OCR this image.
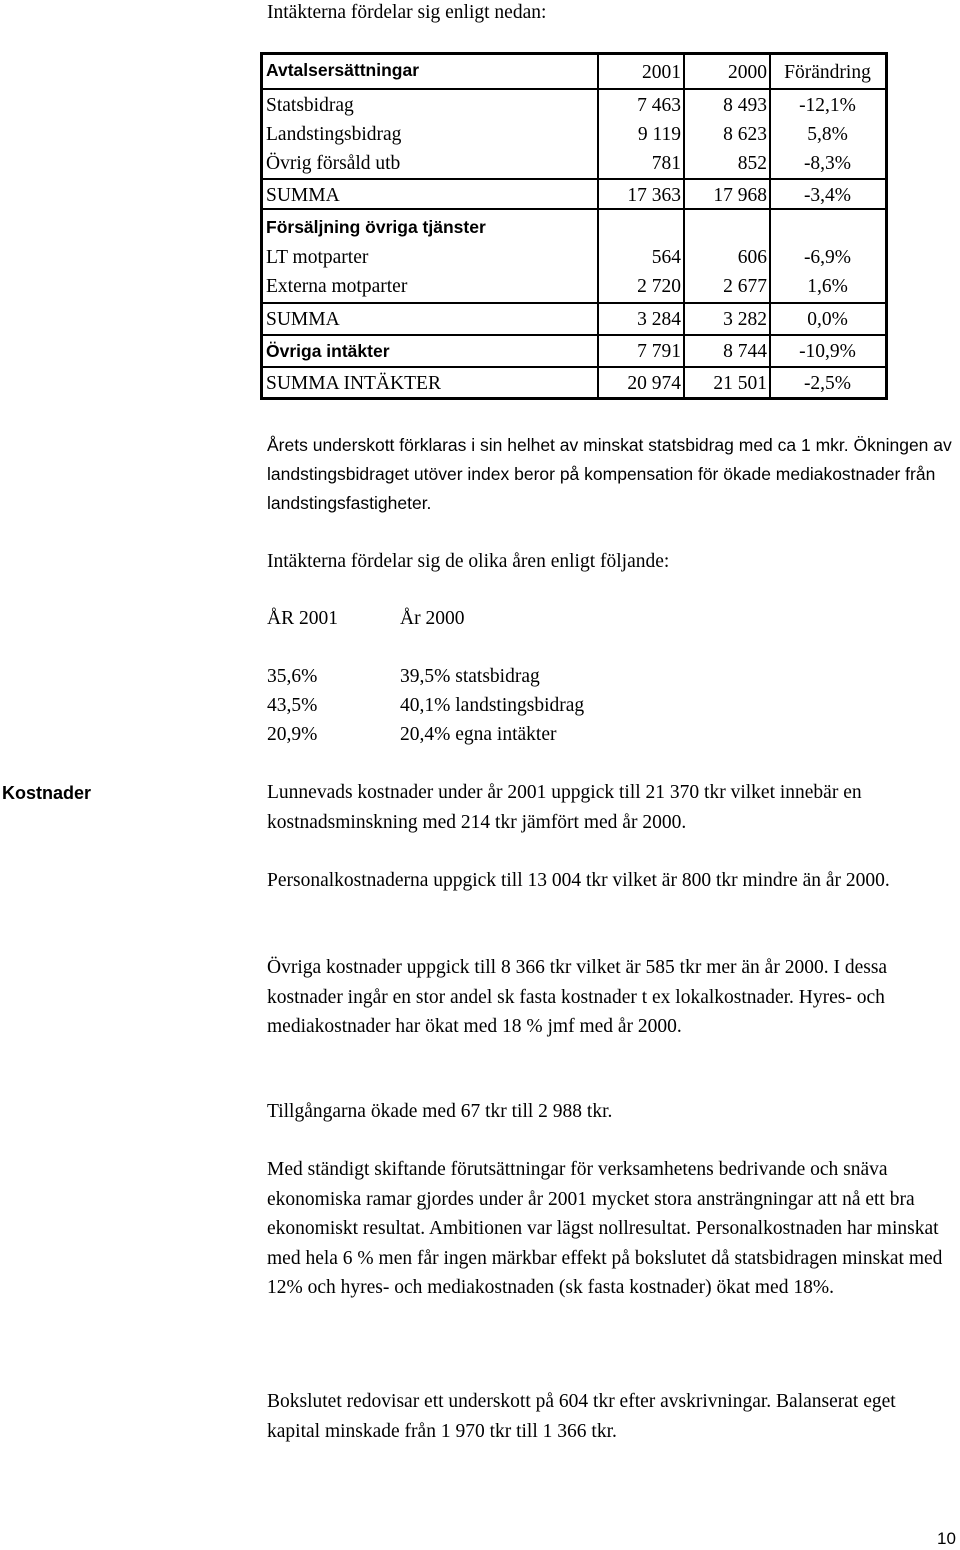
Intäkterna fördelar sig enligt nedan:
Avtalsersättningar	2001	2000 Förändring
Statsbidrag	7 463	8 493	-12,1%
Landstingsbidrag	9 119	8 623	5,8%
Övrig försåld utb	781	852	-8,3%
SUMMA	17 363	17 968	-3,4%
Försäljning övriga tjänster
LT motparter	564	606	-6,9%
Externa motparter	2 720	2 677	1,6%
SUMMA	3 284	3 282	0,0%
Övriga intäkter	7 791	8 744	-10,9%
SUMMA INTÄKTER	20 974	21 501	-2,5%
Årets underskott förklaras i sin helhet av minskat statsbidrag med ca 1 mkr. Ökningen av landstingsbidraget utöver index beror på kompensation för ökade mediakostnader från landstingsfastigheter.
Intäkterna fördelar sig de olika åren enligt följande:
ÅR 2001	År 2000
35,6%	39,5% statsbidrag
43,5%	40,1% landstingsbidrag
20,9%	20,4% egna intäkter
Kostnader	Lunnevads kostnader under år 2001 uppgick till 21 370 tkr vilket innebär en kostnadsminskning med 214 tkr jämfört med år 2000.
Personalkostnaderna uppgick till 13 004 tkr vilket är 800 tkr mindre än år 2000.
Övriga kostnader uppgick till 8 366 tkr vilket är 585 tkr mer än år 2000. I dessa kostnader ingår en stor andel sk fasta kostnader t ex lokalkostnader. Hyres- och mediakostnader har ökat med 18 % jmf med år 2000.
Tillgångarna ökade med 67 tkr till 2 988 tkr.
Med ständigt skiftande förutsättningar för verksamhetens bedrivande och snäva ekonomiska ramar gjordes under år 2001 mycket stora ansträngningar att nå ett bra ekonomiskt resultat. Ambitionen var lägst nollresultat. Personalkostnaden har minskat med hela 6 % men får ingen märkbar effekt på bokslutet då statsbidragen minskat med 12% och hyres- och mediakostnaden (sk fasta kostnader) ökat med 18%.
Bokslutet redovisar ett underskott på 604 tkr efter avskrivningar. Balanserat eget kapital minskade från 1 970 tkr till 1 366 tkr.
10
